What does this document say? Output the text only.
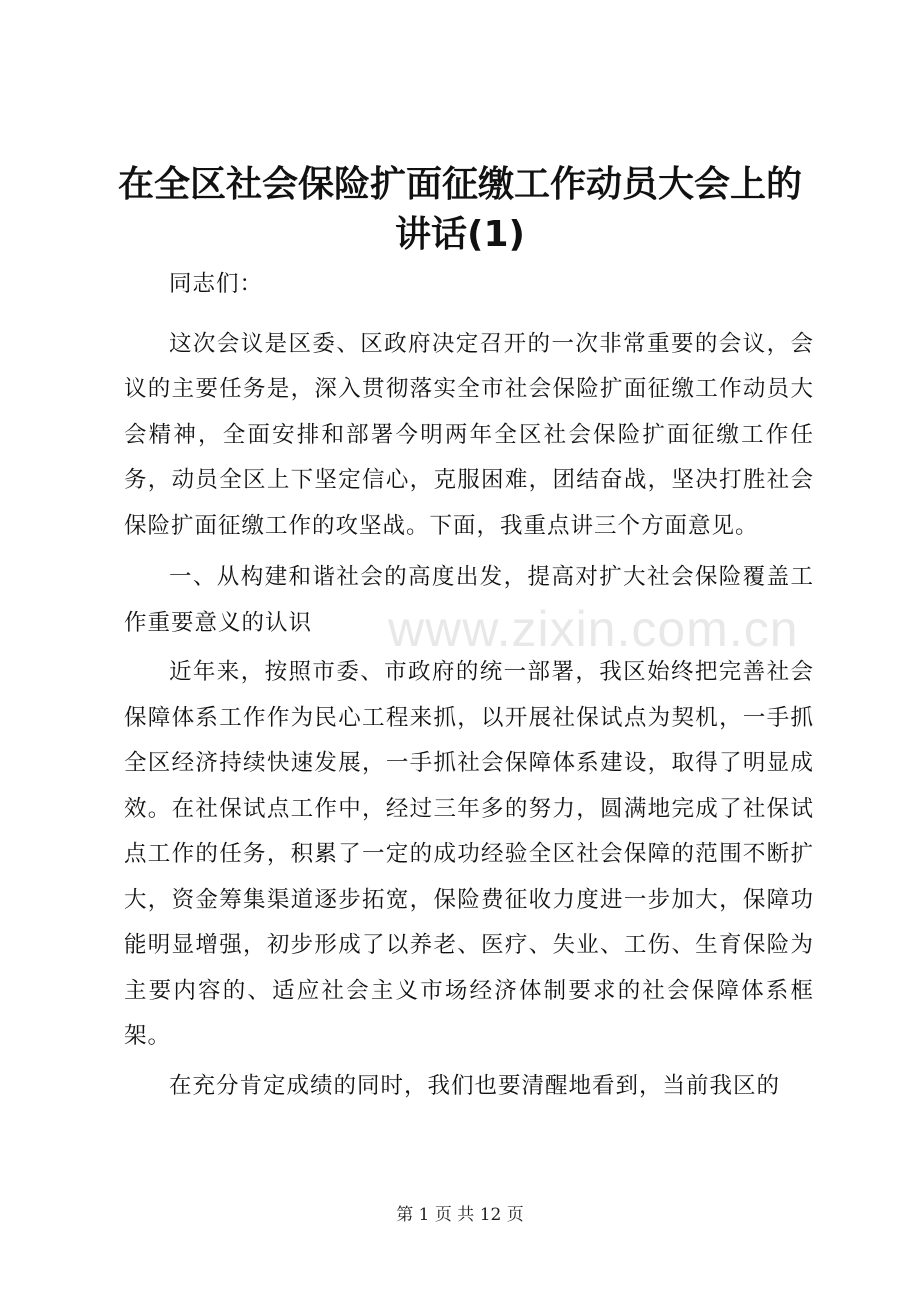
在全区社会保险扩面征缴工作动员大会上的讲话(1)

同志们：

这次会议是区委、区政府决定召开的一次非常重要的会议，会议的主要任务是，深入贯彻落实全市社会保险扩面征缴工作动员大会精神，全面安排和部署今明两年全区社会保险扩面征缴工作任务，动员全区上下坚定信心，克服困难，团结奋战，坚决打胜社会保险扩面征缴工作的攻坚战。下面，我重点讲三个方面意见。

一、从构建和谐社会的高度出发，提高对扩大社会保险覆盖工作重要意义的认识

近年来，按照市委、市政府的统一部署，我区始终把完善社会保障体系工作作为民心工程来抓，以开展社保试点为契机，一手抓全区经济持续快速发展，一手抓社会保障体系建设，取得了明显成效。在社保试点工作中，经过三年多的努力，圆满地完成了社保试点工作的任务，积累了一定的成功经验全区社会保障的范围不断扩大，资金筹集渠道逐步拓宽，保险费征收力度进一步加大，保障功能明显增强，初步形成了以养老、医疗、失业、工伤、生育保险为主要内容的、适应社会主义市场经济体制要求的社会保障体系框架。

在充分肯定成绩的同时，我们也要清醒地看到，当前我区的

www.zixin.com.cn
第 1 页 共 12 页
